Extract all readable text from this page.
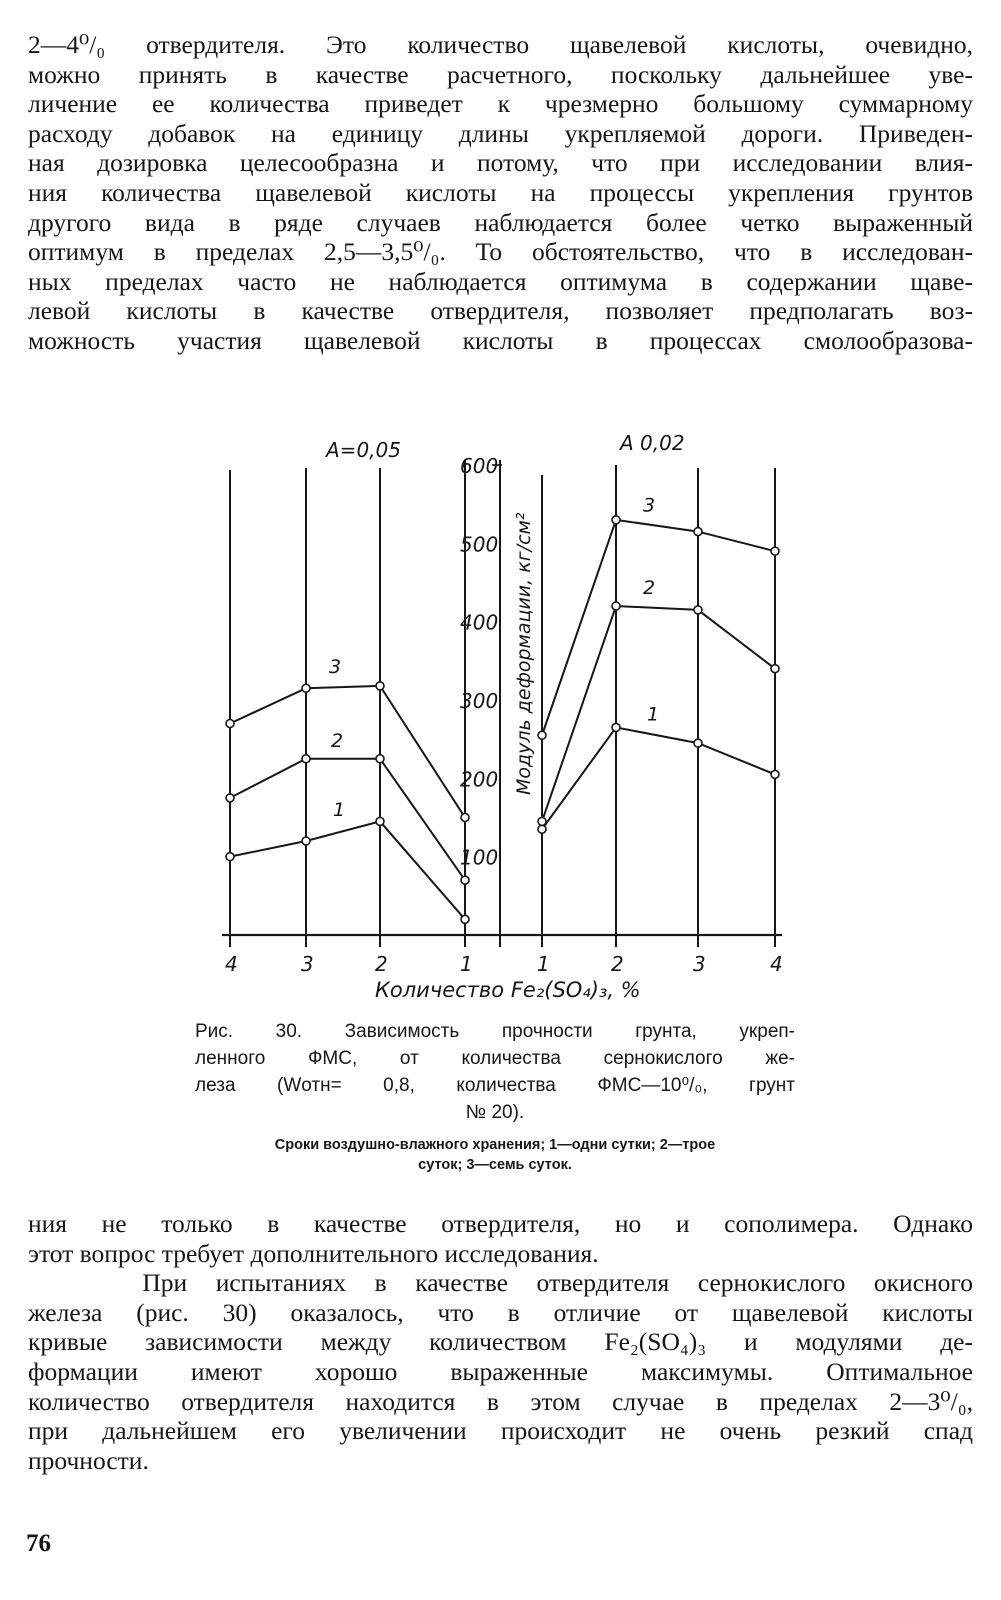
2—4⁰/₀ отвердителя. Это количество щавелевой кислоты, очевидно,
можно принять в качестве расчетного, поскольку дальнейшее уве-
личение ее количества приведет к чрезмерно большому суммарному
расходу добавок на единицу длины укрепляемой дороги. Приведен-
ная дозировка целесообразна и потому, что при исследовании влия-
ния количества щавелевой кислоты на процессы укрепления грунтов
другого вида в ряде случаев наблюдается более четко выраженный
оптимум в пределах 2,5—3,5⁰/₀. То обстоятельство, что в исследован-
ных пределах часто не наблюдается оптимума в содержании щаве-
левой кислоты в качестве отвердителя, позволяет предполагать воз-
можность участия щавелевой кислоты в процессах смолообразова-
100
200
300
400
500
600
Модуль деформации, кг/см²
A=0,05	A 0,02
4	3	2	1	1	2	3	4
Количество Fe₂(SO₄)₃, %
1
2
3
1
2
3
Рис. 30. Зависимость прочности грунта, укреп-
ленного ФМС, от количества сернокислого же-
леза (Wотн= 0,8, количества ФМС—10⁰/₀, грунт
№ 20).
Сроки воздушно-влажного хранения; 1—одни сутки; 2—трое
суток; 3—семь суток.
ния не только в качестве отвердителя, но и сополимера. Однако
этот вопрос требует дополнительного исследования.
При испытаниях в качестве отвердителя сернокислого окисного
железа (рис. 30) оказалось, что в отличие от щавелевой кислоты
кривые зависимости между количеством Fe₂(SO₄)₃ и модулями де-
формации имеют хорошо выраженные максимумы. Оптимальное
количество отвердителя находится в этом случае в пределах 2—3⁰/₀,
при дальнейшем его увеличении происходит не очень резкий спад
прочности.
76
